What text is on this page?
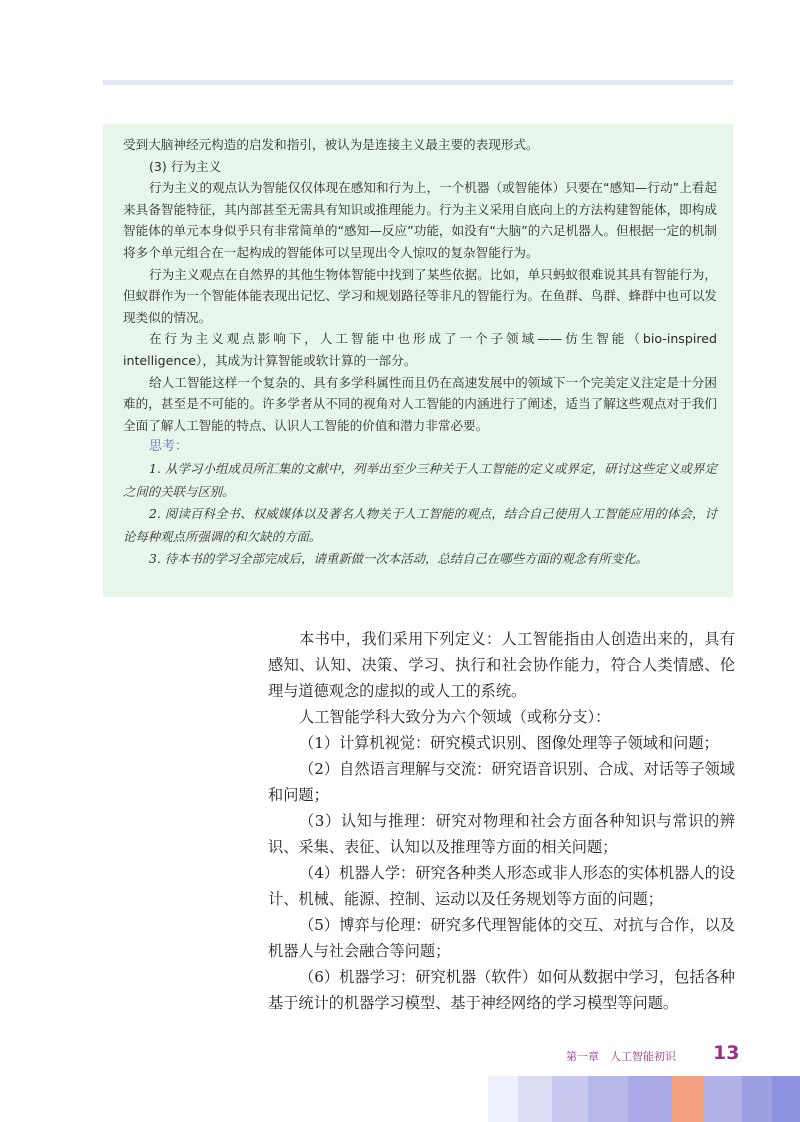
受到大脑神经元构造的启发和指引，被认为是连接主义最主要的表现形式。

(3) 行为主义

行为主义的观点认为智能仅仅体现在感知和行为上，一个机器（或智能体）只要在“感知—行动”上看起来具备智能特征，其内部甚至无需具有知识或推理能力。行为主义采用自底向上的方法构建智能体，即构成智能体的单元本身似乎只有非常简单的“感知—反应”功能，如没有“大脑”的六足机器人。但根据一定的机制将多个单元组合在一起构成的智能体可以呈现出令人惊叹的复杂智能行为。

行为主义观点在自然界的其他生物体智能中找到了某些依据。比如，单只蚂蚁很难说其具有智能行为，但蚁群作为一个智能体能表现出记忆、学习和规划路径等非凡的智能行为。在鱼群、鸟群、蜂群中也可以发现类似的情况。

在行为主义观点影响下，人工智能中也形成了一个子领域——仿生智能（bio-inspired intelligence），其成为计算智能或软计算的一部分。

给人工智能这样一个复杂的、具有多学科属性而且仍在高速发展中的领域下一个完美定义注定是十分困难的，甚至是不可能的。许多学者从不同的视角对人工智能的内涵进行了阐述，适当了解这些观点对于我们全面了解人工智能的特点、认识人工智能的价值和潜力非常必要。

思考：

1. 从学习小组成员所汇集的文献中，列举出至少三种关于人工智能的定义或界定，研讨这些定义或界定之间的关联与区别。

2. 阅读百科全书、权威媒体以及著名人物关于人工智能的观点，结合自己使用人工智能应用的体会，讨论每种观点所强调的和欠缺的方面。

3. 待本书的学习全部完成后，请重新做一次本活动，总结自己在哪些方面的观念有所变化。

本书中，我们采用下列定义：人工智能指由人创造出来的，具有感知、认知、决策、学习、执行和社会协作能力，符合人类情感、伦理与道德观念的虚拟的或人工的系统。

人工智能学科大致分为六个领域（或称分支）：

（1）计算机视觉：研究模式识别、图像处理等子领域和问题；

（2）自然语言理解与交流：研究语音识别、合成、对话等子领域和问题；

（3）认知与推理：研究对物理和社会方面各种知识与常识的辨识、采集、表征、认知以及推理等方面的相关问题；

（4）机器人学：研究各种类人形态或非人形态的实体机器人的设计、机械、能源、控制、运动以及任务规划等方面的问题；

（5）博弈与伦理：研究多代理智能体的交互、对抗与合作，以及机器人与社会融合等问题；

（6）机器学习：研究机器（软件）如何从数据中学习，包括各种基于统计的机器学习模型、基于神经网络的学习模型等问题。

第一章　人工智能初识 13
